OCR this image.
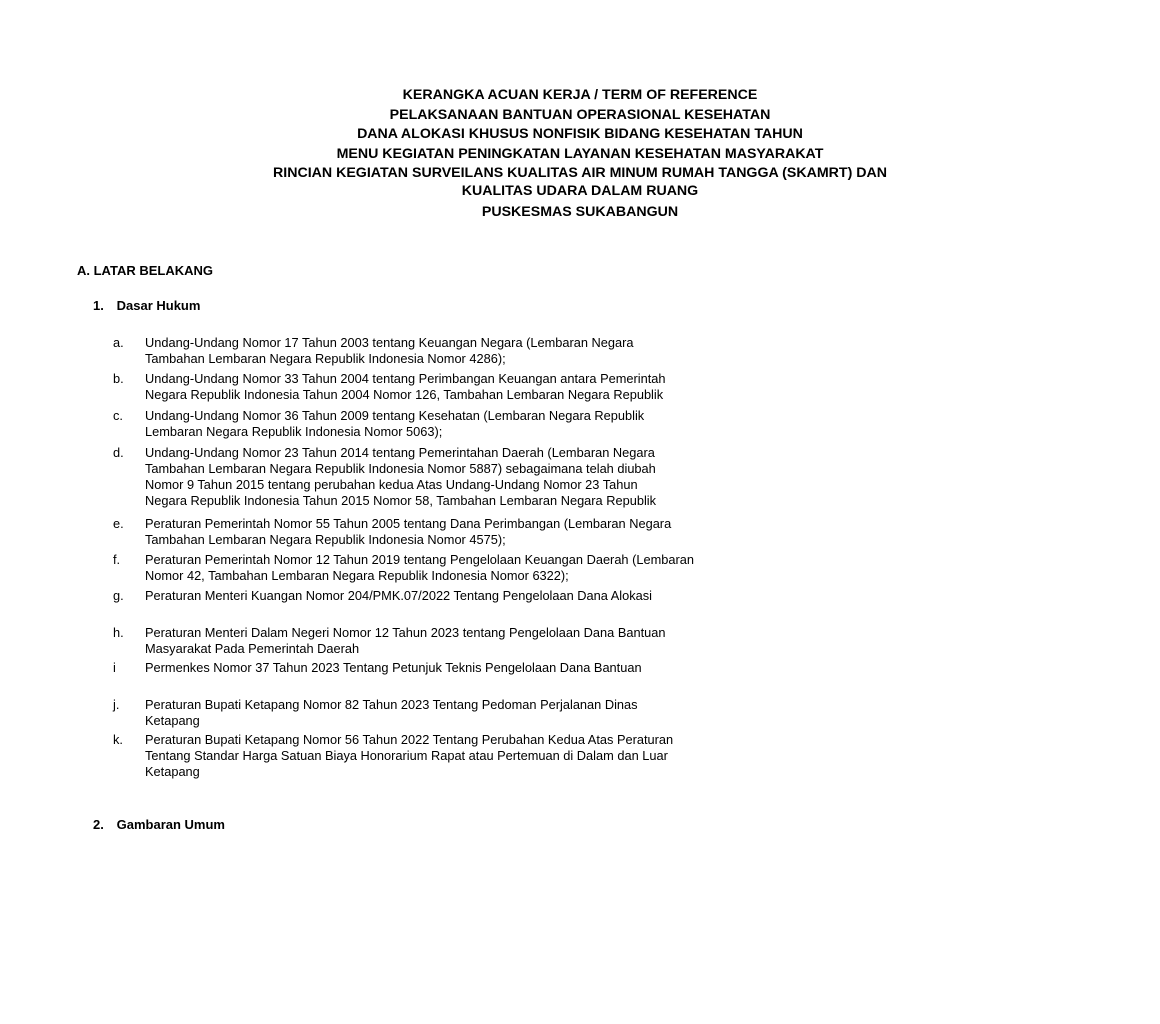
KERANGKA ACUAN KERJA / TERM OF REFERENCE
PELAKSANAAN BANTUAN OPERASIONAL KESEHATAN
DANA ALOKASI KHUSUS NONFISIK BIDANG KESEHATAN TAHUN
MENU KEGIATAN PENINGKATAN LAYANAN KESEHATAN MASYARAKAT
RINCIAN KEGIATAN SURVEILANS KUALITAS AIR MINUM RUMAH TANGGA (SKAMRT) DAN
KUALITAS UDARA DALAM RUANG
PUSKESMAS SUKABANGUN
A. LATAR BELAKANG
1. Dasar Hukum
a.	Undang-Undang Nomor 17 Tahun 2003 tentang Keuangan Negara (Lembaran Negara
Tambahan Lembaran Negara Republik Indonesia Nomor 4286);
b.	Undang-Undang Nomor 33 Tahun 2004 tentang Perimbangan Keuangan antara Pemerintah
Negara Republik Indonesia Tahun 2004 Nomor 126, Tambahan Lembaran Negara Republik
c.	Undang-Undang Nomor 36 Tahun 2009 tentang Kesehatan (Lembaran Negara Republik
Lembaran Negara Republik Indonesia Nomor 5063);
d.	Undang-Undang Nomor 23 Tahun 2014 tentang Pemerintahan Daerah (Lembaran Negara
Tambahan Lembaran Negara Republik Indonesia Nomor 5887) sebagaimana telah diubah
Nomor 9 Tahun 2015 tentang perubahan kedua Atas Undang-Undang Nomor 23 Tahun
Negara Republik Indonesia Tahun 2015 Nomor 58, Tambahan Lembaran Negara Republik
e.	Peraturan Pemerintah Nomor 55 Tahun 2005 tentang Dana Perimbangan (Lembaran Negara
Tambahan Lembaran Negara Republik Indonesia Nomor 4575);
f.	Peraturan Pemerintah Nomor 12 Tahun 2019 tentang Pengelolaan Keuangan Daerah (Lembaran
Nomor 42, Tambahan Lembaran Negara Republik Indonesia Nomor 6322);
g.	Peraturan Menteri Kuangan Nomor 204/PMK.07/2022 Tentang Pengelolaan Dana Alokasi
h.	Peraturan Menteri Dalam Negeri Nomor 12 Tahun 2023 tentang Pengelolaan Dana Bantuan
Masyarakat Pada Pemerintah Daerah
i	Permenkes Nomor 37 Tahun 2023 Tentang Petunjuk Teknis Pengelolaan Dana Bantuan
j.	Peraturan Bupati Ketapang Nomor 82 Tahun 2023 Tentang Pedoman Perjalanan Dinas
Ketapang
k.	Peraturan Bupati Ketapang Nomor 56 Tahun 2022 Tentang Perubahan Kedua Atas Peraturan
Tentang Standar Harga Satuan Biaya Honorarium Rapat atau Pertemuan di Dalam dan Luar
Ketapang
2. Gambaran Umum
